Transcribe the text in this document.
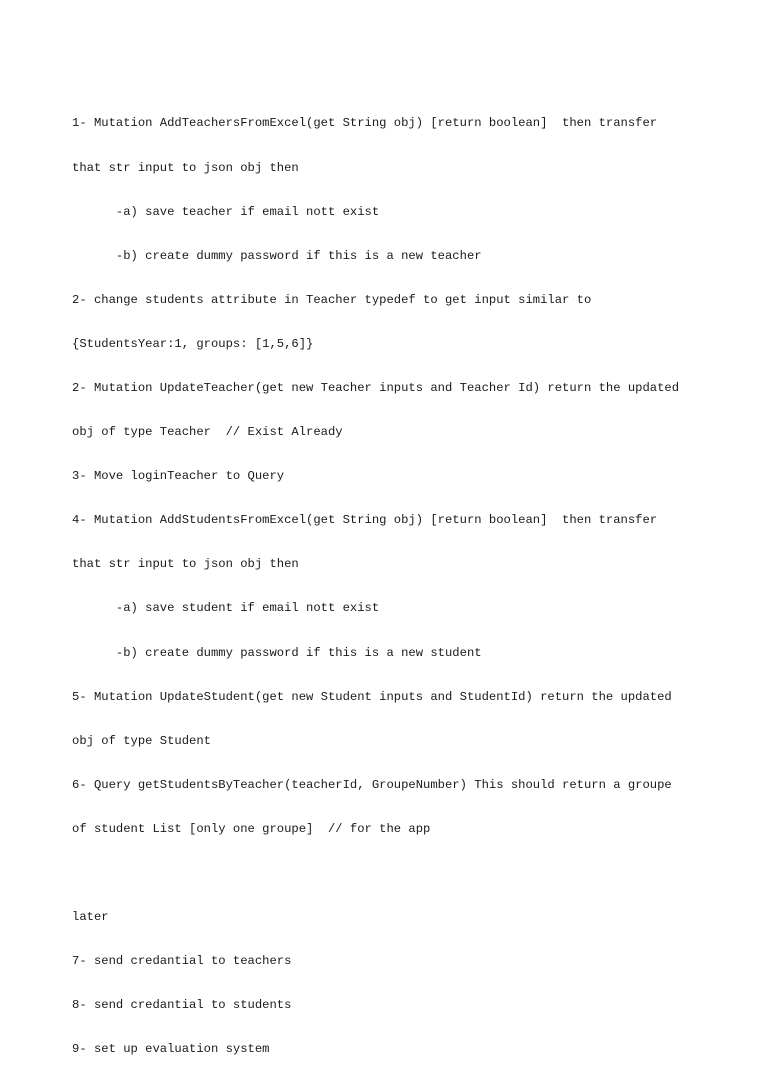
1- Mutation AddTeachersFromExcel(get String obj) [return boolean]  then transfer

that str input to json obj then

-a) save teacher if email nott exist

-b) create dummy password if this is a new teacher

2- change students attribute in Teacher typedef to get input similar to

{StudentsYear:1, groups: [1,5,6]}

2- Mutation UpdateTeacher(get new Teacher inputs and Teacher Id) return the updated

obj of type Teacher  // Exist Already

3- Move loginTeacher to Query

4- Mutation AddStudentsFromExcel(get String obj) [return boolean]  then transfer

that str input to json obj then

-a) save student if email nott exist

-b) create dummy password if this is a new student

5- Mutation UpdateStudent(get new Student inputs and StudentId) return the updated

obj of type Student

6- Query getStudentsByTeacher(teacherId, GroupeNumber) This should return a groupe

of student List [only one groupe]  // for the app

later

7- send credantial to teachers

8- send credantial to students

9- set up evaluation system
